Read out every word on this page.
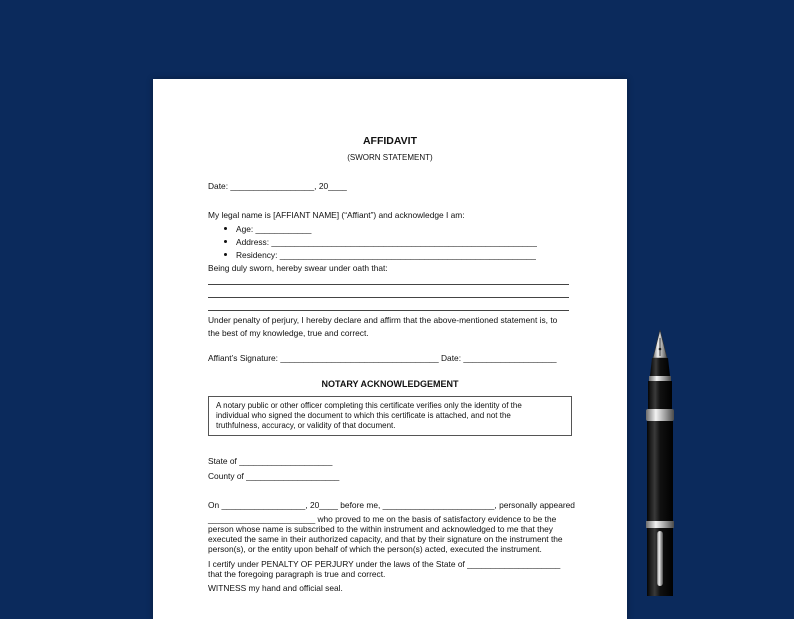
AFFIDAVIT
(SWORN STATEMENT)
Date: __________________, 20____
My legal name is [AFFIANT NAME] (“Affiant”) and acknowledge I am:
Age: ____________
Address: _________________________________________________________
Residency: _______________________________________________________
Being duly sworn, hereby swear under oath that:
Under penalty of perjury, I hereby declare and affirm that the above-mentioned statement is, to
the best of my knowledge, true and correct.
Affiant’s Signature: __________________________________ Date: ____________________
NOTARY ACKNOWLEDGEMENT
A notary public or other officer completing this certificate verifies only the identity of the
individual who signed the document to which this certificate is attached, and not the
truthfulness, accuracy, or validity of that document.
State of ____________________
County of ____________________
On __________________, 20____ before me, ________________________, personally appeared
_______________________ who proved to me on the basis of satisfactory evidence to be the
person whose name is subscribed to the within instrument and acknowledged to me that they
executed the same in their authorized capacity, and that by their signature on the instrument the
person(s), or the entity upon behalf of which the person(s) acted, executed the instrument.
I certify under PENALTY OF PERJURY under the laws of the State of ____________________
that the foregoing paragraph is true and correct.
WITNESS my hand and official seal.
